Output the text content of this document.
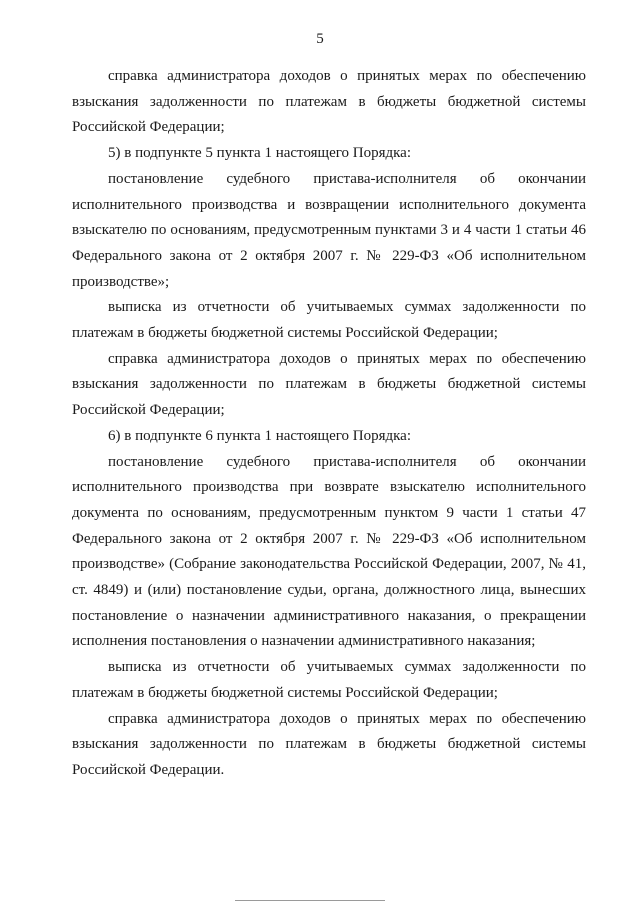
5

справка администратора доходов о принятых мерах по обеспечению взыскания задолженности по платежам в бюджеты бюджетной системы Российской Федерации;

5) в подпункте 5 пункта 1 настоящего Порядка:

постановление судебного пристава-исполнителя об окончании исполнительного производства и возвращении исполнительного документа взыскателю по основаниям, предусмотренным пунктами 3 и 4 части 1 статьи 46 Федерального закона от 2 октября 2007 г. № 229-ФЗ «Об исполнительном производстве»;

выписка из отчетности об учитываемых суммах задолженности по платежам в бюджеты бюджетной системы Российской Федерации;

справка администратора доходов о принятых мерах по обеспечению взыскания задолженности по платежам в бюджеты бюджетной системы Российской Федерации;

6) в подпункте 6 пункта 1 настоящего Порядка:

постановление судебного пристава-исполнителя об окончании исполнительного производства при возврате взыскателю исполнительного документа по основаниям, предусмотренным пунктом 9 части 1 статьи 47 Федерального закона от 2 октября 2007 г. № 229-ФЗ «Об исполнительном производстве» (Собрание законодательства Российской Федерации, 2007, № 41, ст. 4849) и (или) постановление судьи, органа, должностного лица, вынесших постановление о назначении административного наказания, о прекращении исполнения постановления о назначении административного наказания;

выписка из отчетности об учитываемых суммах задолженности по платежам в бюджеты бюджетной системы Российской Федерации;

справка администратора доходов о принятых мерах по обеспечению взыскания задолженности по платежам в бюджеты бюджетной системы Российской Федерации.
